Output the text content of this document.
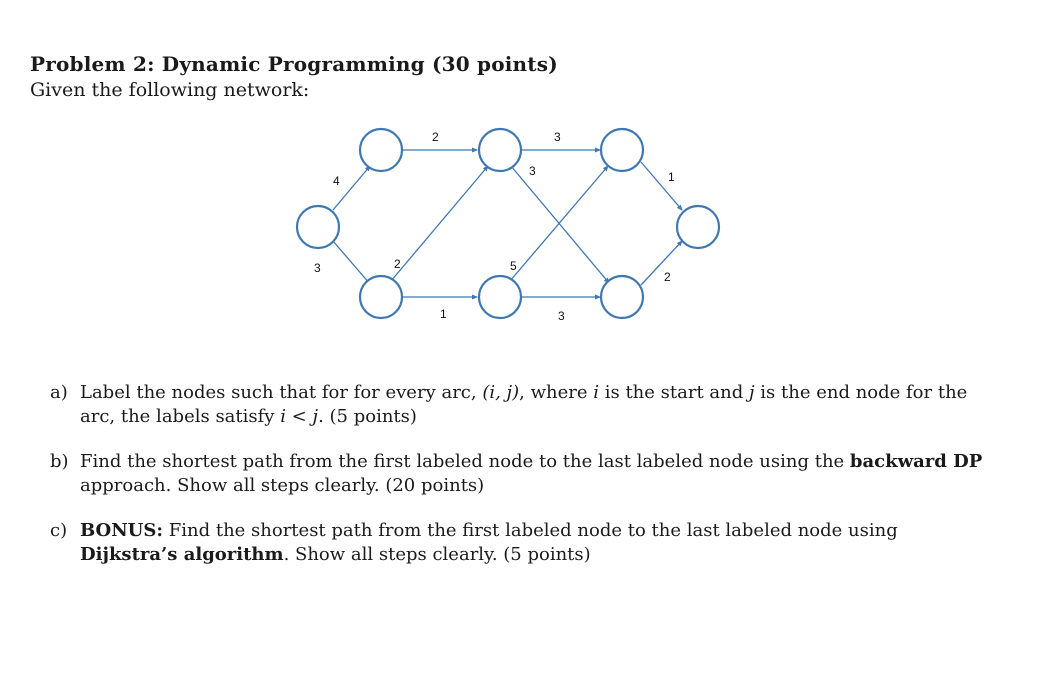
Problem 2: Dynamic Programming (30 points)
Given the following network:
4
3
2
2
1
3
3
5
3
1
2
a) Label the nodes such that for for every arc, (i, j), where i is the start and j is the end node for the arc, the labels satisfy i < j. (5 points)
b) Find the shortest path from the first labeled node to the last labeled node using the backward DP approach. Show all steps clearly. (20 points)
c) BONUS: Find the shortest path from the first labeled node to the last labeled node using Dijkstra’s algorithm. Show all steps clearly. (5 points)
